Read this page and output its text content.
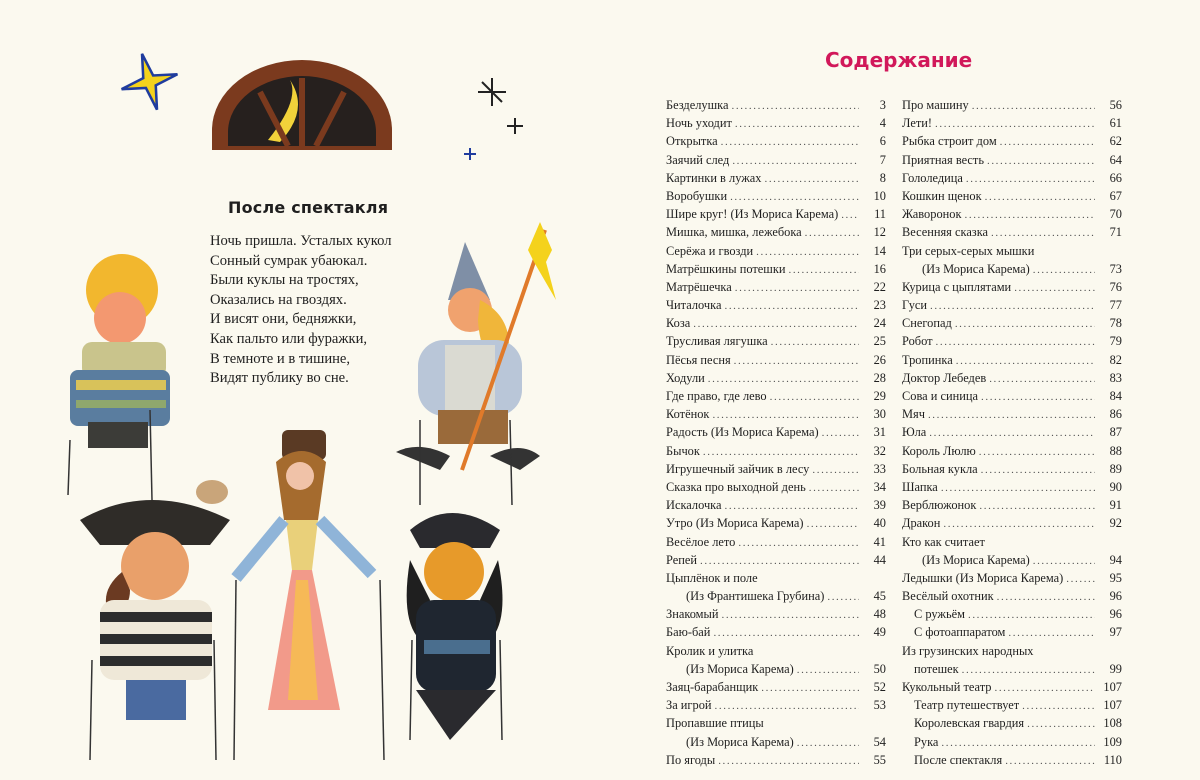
После спектакля
Ночь пришла. Усталых кукол
Сонный сумрак убаюкал.
Были куклы на тростях,
Оказались на гвоздях.
И висят они, бедняжки,
Как пальто или фуражки,
В темноте и в тишине,
Видят публику во сне.
Содержание
Безделушка .....	3
Ночь уходит .....	4
Открытка .....	6
Заячий след .....	7
Картинки в лужах .....	8
Воробушки .....	10
Шире круг! (Из Мориса Карема) .....	11
Мишка, мишка, лежебока .....	12
Серёжа и гвозди .....	14
Матрёшкины потешки .....	16
Матрёшечка .....	22
Читалочка .....	23
Коза .....	24
Трусливая лягушка .....	25
Пёсья песня .....	26
Ходули .....	28
Где право, где лево .....	29
Котёнок .....	30
Радость (Из Мориса Карема) .....	31
Бычок .....	32
Игрушечный зайчик в лесу .....	33
Сказка про выходной день .....	34
Искалочка .....	39
Утро (Из Мориса Карема) .....	40
Весёлое лето .....	41
Репей .....	44
Цыплёнок и поле
(Из Франтишека Грубина) .....	45
Знакомый .....	48
Баю-бай .....	49
Кролик и улитка
(Из Мориса Карема) .....	50
Заяц-барабанщик .....	52
За игрой .....	53
Пропавшие птицы
(Из Мориса Карема) .....	54
По ягоды .....	55
Про машину .....	56
Лети! .....	61
Рыбка строит дом .....	62
Приятная весть .....	64
Гололедица .....	66
Кошкин щенок .....	67
Жаворонок .....	70
Весенняя сказка .....	71
Три серых-серых мышки
(Из Мориса Карема) .....	73
Курица с цыплятами .....	76
Гуси .....	77
Снегопад .....	78
Робот .....	79
Тропинка .....	82
Доктор Лебедев .....	83
Сова и синица .....	84
Мяч .....	86
Юла .....	87
Король Люлю .....	88
Больная кукла .....	89
Шапка .....	90
Верблюжонок .....	91
Дракон .....	92
Кто как считает
(Из Мориса Карема) .....	94
Ледышки (Из Мориса Карема) .....	95
Весёлый охотник .....	96
С ружьём .....	96
С фотоаппаратом .....	97
Из грузинских народных
потешек .....	99
Кукольный театр .....	107
Театр путешествует .....	107
Королевская гвардия .....	108
Рука .....	109
После спектакля .....	110
